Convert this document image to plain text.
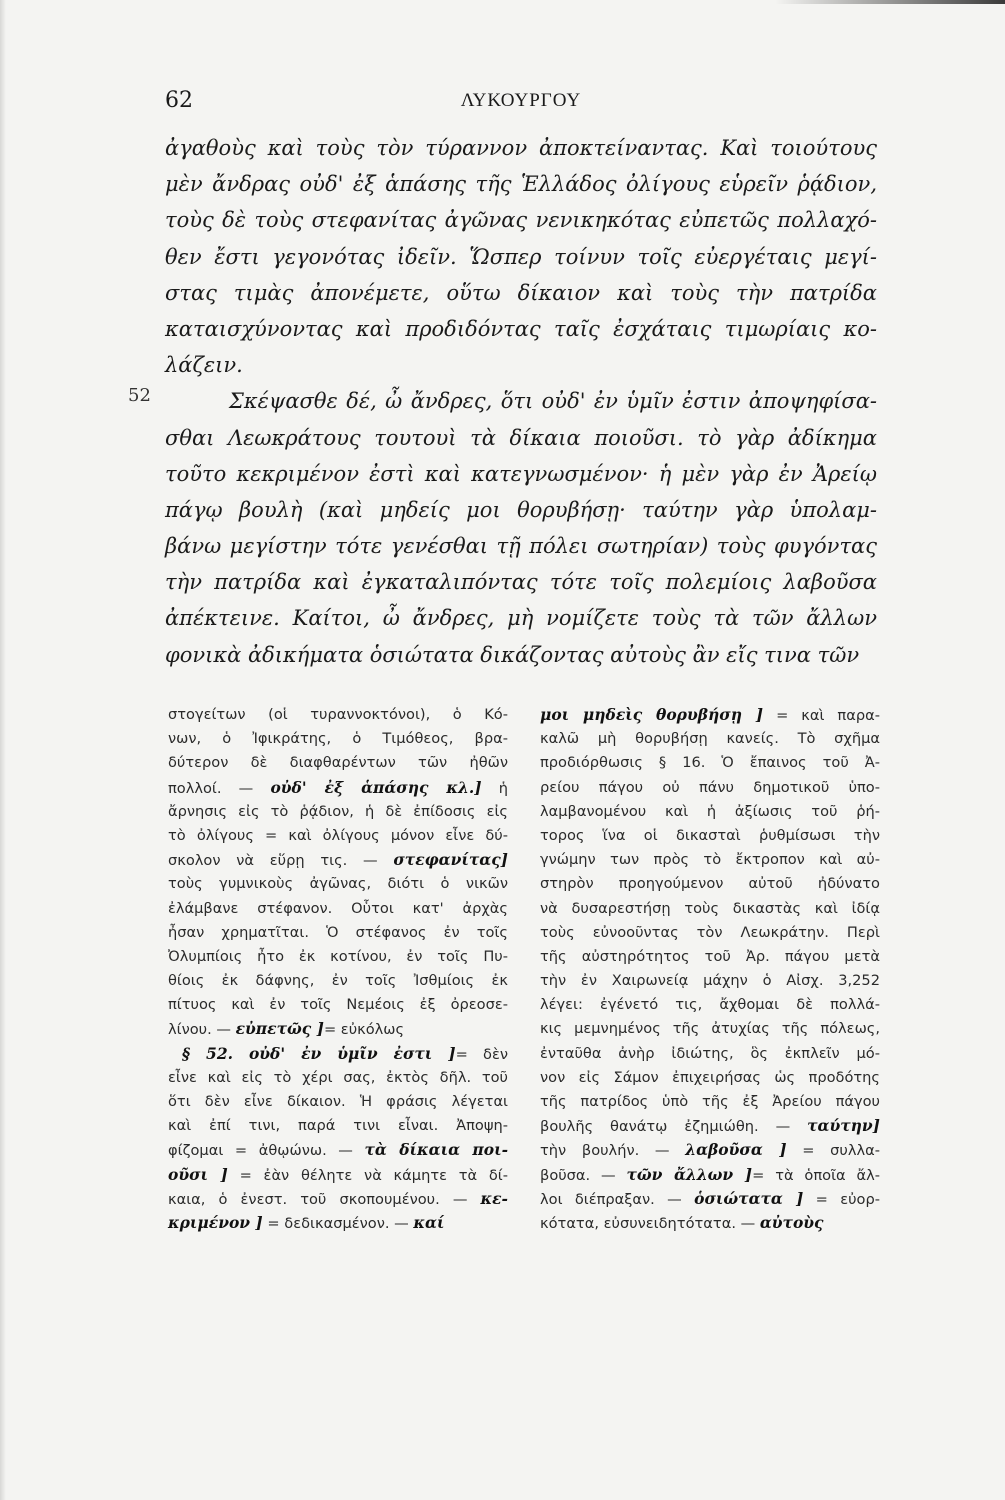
62	ΛΥΚΟΥΡΓΟΥ
52
ἀγαθοὺς καὶ τοὺς τὸν τύραννον ἀποκτείναντας. Καὶ τοιούτους
μὲν ἄνδρας οὐδ' ἐξ ἁπάσης τῆς Ἑλλάδος ὀλίγους εὑρεῖν ῥᾴδιον,
τοὺς δὲ τοὺς στεφανίτας ἀγῶνας νενικηκότας εὐπετῶς πολλαχό-
θεν ἔστι γεγονότας ἰδεῖν. Ὥσπερ τοίνυν τοῖς εὐεργέταις μεγί-
στας τιμὰς ἀπονέμετε, οὕτω δίκαιον καὶ τοὺς τὴν πατρίδα
καταισχύνοντας καὶ προδιδόντας ταῖς ἐσχάταις τιμωρίαις κο-
λάζειν.
Σκέψασθε δέ, ὦ ἄνδρες, ὅτι οὐδ' ἐν ὑμῖν ἐστιν ἀποψηφίσα-
σθαι Λεωκράτους τουτουὶ τὰ δίκαια ποιοῦσι. τὸ γὰρ ἀδίκημα
τοῦτο κεκριμένον ἐστὶ καὶ κατεγνωσμένον· ἡ μὲν γὰρ ἐν Ἀρείῳ
πάγῳ βουλὴ (καὶ μηδείς μοι θορυβήσῃ· ταύτην γὰρ ὑπολαμ-
βάνω μεγίστην τότε γενέσθαι τῇ πόλει σωτηρίαν) τοὺς φυγόντας
τὴν πατρίδα καὶ ἐγκαταλιπόντας τότε τοῖς πολεμίοις λαβοῦσα
ἀπέκτεινε. Καίτοι, ὦ ἄνδρες, μὴ νομίζετε τοὺς τὰ τῶν ἄλλων
φονικὰ ἀδικήματα ὁσιώτατα δικάζοντας αὐτοὺς ἂν εἴς τινα τῶν
στογείτων (οἱ τυραννοκτόνοι), ὁ Κό-
νων, ὁ Ἰφικράτης, ὁ Τιμόθεος, βρα-
δύτερον δὲ διαφθαρέντων τῶν ἠθῶν
πολλοί. — οὐδ' ἐξ ἁπάσης κλ.] ἡ
ἄρνησις εἰς τὸ ῥᾴδιον, ἡ δὲ ἐπίδοσις εἰς
τὸ ὀλίγους = καὶ ὀλίγους μόνον εἶνε δύ-
σκολον νὰ εὕρῃ τις. — στεφανίτας]
τοὺς γυμνικοὺς ἀγῶνας, διότι ὁ νικῶν
ἐλάμβανε στέφανον. Οὗτοι κατ' ἀρχὰς
ἦσαν χρηματῖται. Ὁ στέφανος ἐν τοῖς
Ὀλυμπίοις ἦτο ἐκ κοτίνου, ἐν τοῖς Πυ-
θίοις ἐκ δάφνης, ἐν τοῖς Ἰσθμίοις ἐκ
πίτυος καὶ ἐν τοῖς Νεμέοις ἐξ ὀρεοσε-
λίνου. — εὐπετῶς ]= εὐκόλως
§ 52. οὐδ' ἐν ὑμῖν ἐστι ]= δὲν
εἶνε καὶ εἰς τὸ χέρι σας, ἐκτὸς δῆλ. τοῦ
ὅτι δὲν εἶνε δίκαιον. Ἡ φράσις λέγεται
καὶ ἐπί τινι, παρά τινι εἶναι. Ἀποψη-
φίζομαι = ἀθῳώνω. — τὰ δίκαια ποι-
οῦσι ] = ἐὰν θέλητε νὰ κάμητε τὰ δί-
καια, ὁ ἐνεστ. τοῦ σκοπουμένου. — κε-
κριμένον ] = δεδικασμένον. — καί
μοι μηδεὶς θορυβήσῃ ] = καὶ παρα-
καλῶ μὴ θορυβήσῃ κανείς. Τὸ σχῆμα
προδιόρθωσις § 16. Ὁ ἔπαινος τοῦ Ἀ-
ρείου πάγου οὐ πάνυ δημοτικοῦ ὑπο-
λαμβανομένου καὶ ἡ ἀξίωσις τοῦ ῥή-
τορος ἵνα οἱ δικασταὶ ῥυθμίσωσι τὴν
γνώμην των πρὸς τὸ ἔκτροπον καὶ αὐ-
στηρὸν προηγούμενον αὐτοῦ ἠδύνατο
νὰ δυσαρεστήσῃ τοὺς δικαστὰς καὶ ἰδίᾳ
τοὺς εὐνοοῦντας τὸν Λεωκράτην. Περὶ
τῆς αὐστηρότητος τοῦ Ἀρ. πάγου μετὰ
τὴν ἐν Χαιρωνείᾳ μάχην ὁ Αἰσχ. 3,252
λέγει: ἐγένετό τις, ἄχθομαι δὲ πολλά-
κις μεμνημένος τῆς ἀτυχίας τῆς πόλεως,
ἐνταῦθα ἀνὴρ ἰδιώτης, ὃς ἐκπλεῖν μό-
νον εἰς Σάμον ἐπιχειρήσας ὡς προδότης
τῆς πατρίδος ὑπὸ τῆς ἐξ Ἀρείου πάγου
βουλῆς θανάτῳ ἐζημιώθη. — ταύτην]
τὴν βουλήν. — λαβοῦσα ] = συλλα-
βοῦσα. — τῶν ἄλλων ]= τὰ ὁποῖα ἄλ-
λοι διέπραξαν. — ὁσιώτατα ] = εὐορ-
κότατα, εὐσυνειδητότατα. — αὐτοὺς
